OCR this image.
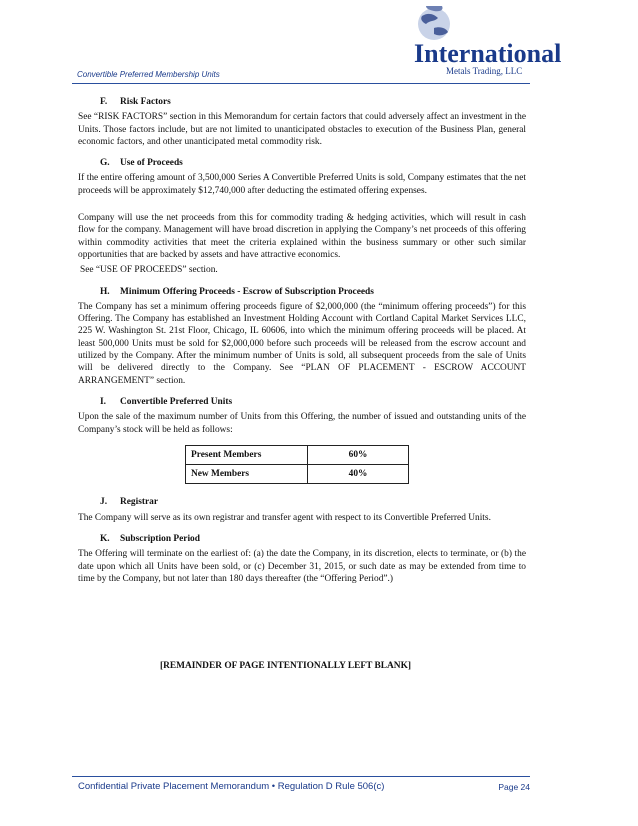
Convertible Preferred Membership Units
International
Metals Trading, LLC
F. Risk Factors
See “RISK FACTORS” section in this Memorandum for certain factors that could adversely affect an investment in the Units. Those factors include, but are not limited to unanticipated obstacles to execution of the Business Plan, general economic factors, and other unanticipated metal commodity risk.
G. Use of Proceeds
If the entire offering amount of 3,500,000 Series A Convertible Preferred Units is sold, Company estimates that the net proceeds will be approximately $12,740,000 after deducting the estimated offering expenses.
Company will use the net proceeds from this for commodity trading & hedging activities, which will result in cash flow for the company. Management will have broad discretion in applying the Company’s net proceeds of this offering within commodity activities that meet the criteria explained within the business summary or other such similar opportunities that are backed by assets and have attractive economics.
See “USE OF PROCEEDS” section.
H. Minimum Offering Proceeds - Escrow of Subscription Proceeds
The Company has set a minimum offering proceeds figure of $2,000,000 (the “minimum offering proceeds”) for this Offering. The Company has established an Investment Holding Account with Cortland Capital Market Services LLC, 225 W. Washington St. 21st Floor, Chicago, IL 60606, into which the minimum offering proceeds will be placed. At least 500,000 Units must be sold for $2,000,000 before such proceeds will be released from the escrow account and utilized by the Company. After the minimum number of Units is sold, all subsequent proceeds from the sale of Units will be delivered directly to the Company. See “PLAN OF PLACEMENT - ESCROW ACCOUNT ARRANGEMENT” section.
I. Convertible Preferred Units
Upon the sale of the maximum number of Units from this Offering, the number of issued and outstanding units of the Company’s stock will be held as follows:
Present Members	60%
New Members	40%
J. Registrar
The Company will serve as its own registrar and transfer agent with respect to its Convertible Preferred Units.
K. Subscription Period
The Offering will terminate on the earliest of: (a) the date the Company, in its discretion, elects to terminate, or (b) the date upon which all Units have been sold, or (c) December 31, 2015, or such date as may be extended from time to time by the Company, but not later than 180 days thereafter (the “Offering Period”.)
[REMAINDER OF PAGE INTENTIONALLY LEFT BLANK]
Confidential Private Placement Memorandum • Regulation D Rule 506(c)	Page 24
